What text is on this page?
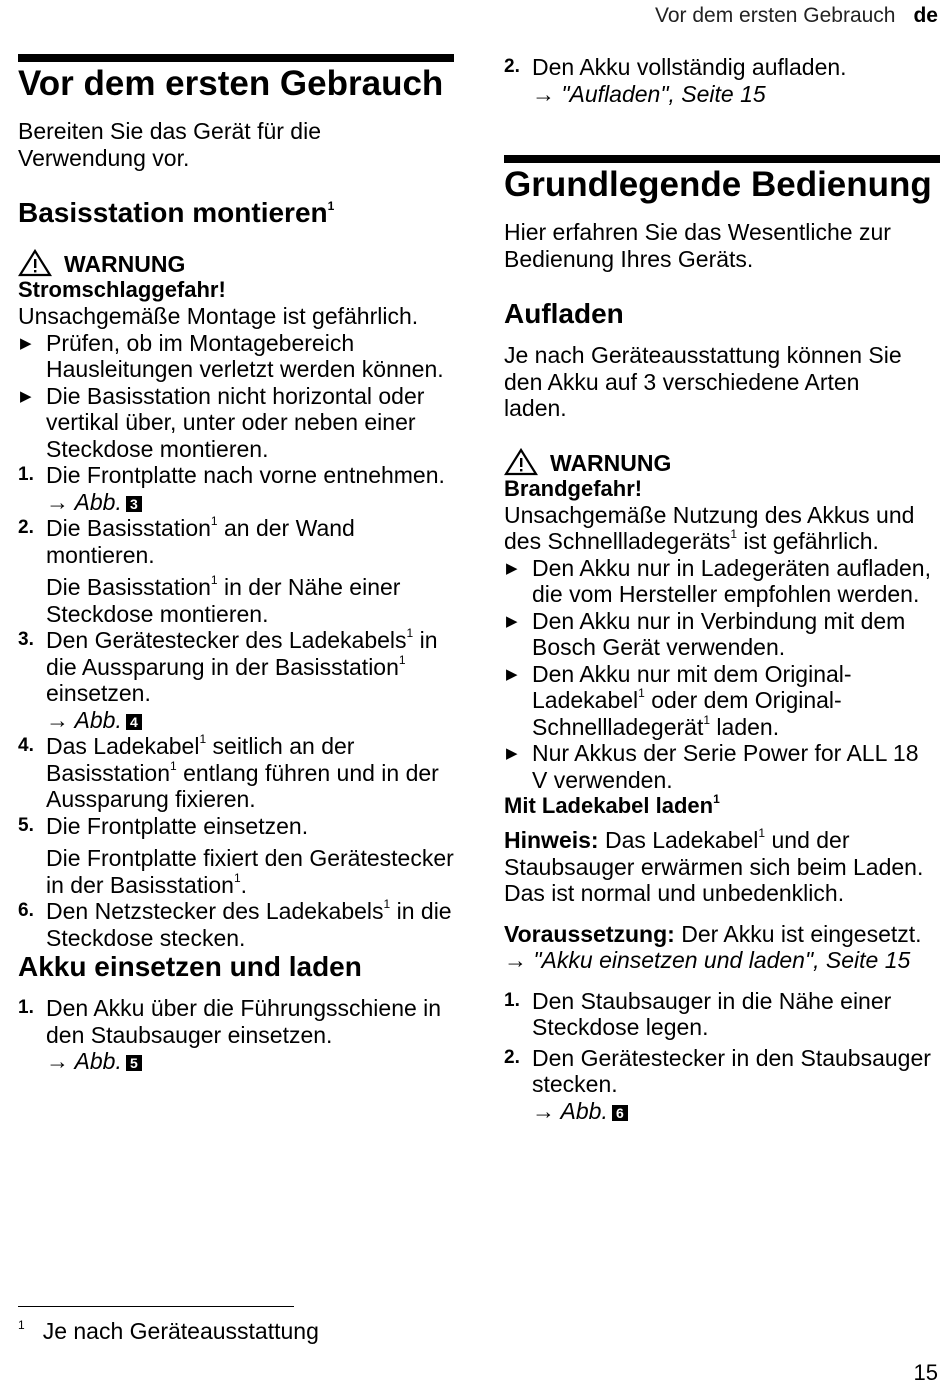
Vor dem ersten Gebrauch de
Vor dem ersten Gebrauch

Bereiten Sie das Gerät für die Verwendung vor.

Basisstation montieren$^1$
WARNUNG
Stromschlaggefahr!

Unsachgemäße Montage ist gefährlich.

▶ Prüfen, ob im Montagebereich Hausleitungen verletzt werden können.
▶ Die Basisstation nicht horizontal oder vertikal über, unter oder neben einer Steckdose montieren.
1. Die Frontplatte nach vorne entnehmen.
→ Abb. 3
2. Die Basisstation$^1$ an der Wand montieren.
Die Basisstation$^1$ in der Nähe einer Steckdose montieren.
3. Den Gerätestecker des Ladekabels$^1$ in die Aussparung in der Basisstation$^1$ einsetzen.
→ Abb. 4
4. Das Ladekabel$^1$ seitlich an der Basisstation$^1$ entlang führen und in der Aussparung fixieren.
5. Die Frontplatte einsetzen.
Die Frontplatte fixiert den Gerätestecker in der Basisstation$^1$.
6. Den Netzstecker des Ladekabels$^1$ in die Steckdose stecken.
Akku einsetzen und laden
1. Den Akku über die Führungsschiene in den Staubsauger einsetzen.
→ Abb. 5
2. Den Akku vollständig aufladen.
→ "Aufladen", Seite 15
Grundlegende Bedienung

Hier erfahren Sie das Wesentliche zur Bedienung Ihres Geräts.

Aufladen

Je nach Geräteausstattung können Sie den Akku auf 3 verschiedene Arten laden.

WARNUNG
Brandgefahr!

Unsachgemäße Nutzung des Akkus und des Schnellladegeräts$^1$ ist gefährlich.

▶ Den Akku nur in Ladegeräten aufladen, die vom Hersteller empfohlen werden.
▶ Den Akku nur in Verbindung mit dem Bosch Gerät verwenden.
▶ Den Akku nur mit dem Original-Ladekabel$^1$ oder dem Original-Schnellladegerät$^1$ laden.
▶ Nur Akkus der Serie Power for ALL 18 V verwenden.
Mit Ladekabel laden$^1$

Hinweis: Das Ladekabel$^1$ und der Staubsauger erwärmen sich beim Laden. Das ist normal und unbedenklich.

Voraussetzung: Der Akku ist eingesetzt.

→ "Akku einsetzen und laden", Seite 15

1. Den Staubsauger in die Nähe einer Steckdose legen.
2. Den Gerätestecker in den Staubsauger stecken.
→ Abb. 6
$^1$ Je nach Geräteausstattung
15
